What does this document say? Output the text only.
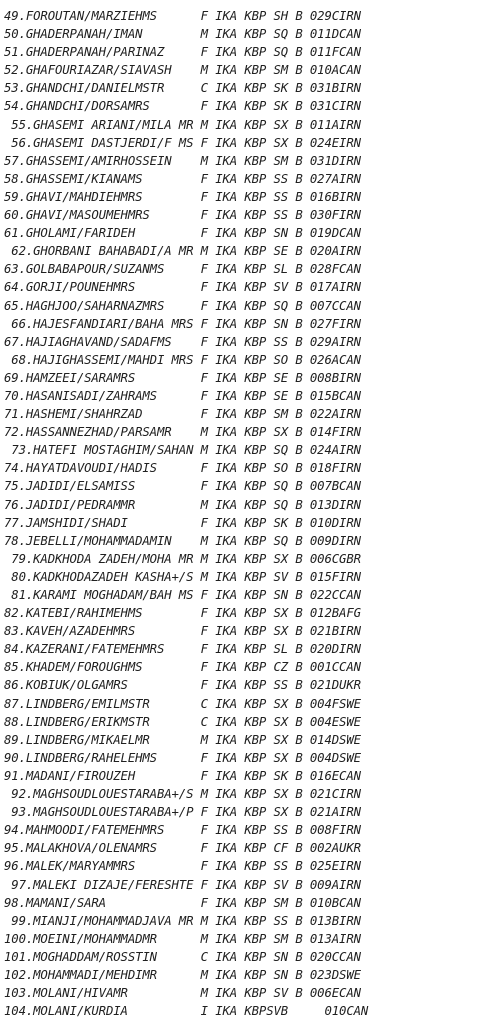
49.FOROUTAN/MARZIEHMS      F IKA KBP SH B 029CIRN
50.GHADERPANAH/IMAN        M IKA KBP SQ B 011DCAN
51.GHADERPANAH/PARINAZ     F IKA KBP SQ B 011FCAN
52.GHAFOURIAZAR/SIAVASH    M IKA KBP SM B 010ACAN
53.GHANDCHI/DANIELMSTR     C IKA KBP SK B 031BIRN
54.GHANDCHI/DORSAMRS       F IKA KBP SK B 031CIRN
55.GHASEMI ARIANI/MILA MR M IKA KBP SX B 011AIRN
56.GHASEMI DASTJERDI/F MS F IKA KBP SX B 024EIRN
57.GHASSEMI/AMIRHOSSEIN    M IKA KBP SM B 031DIRN
58.GHASSEMI/KIANAMS        F IKA KBP SS B 027AIRN
59.GHAVI/MAHDIEHMRS        F IKA KBP SS B 016BIRN
60.GHAVI/MASOUMEHMRS       F IKA KBP SS B 030FIRN
61.GHOLAMI/FARIDEH         F IKA KBP SN B 019DCAN
62.GHORBANI BAHABADI/A MR M IKA KBP SE B 020AIRN
63.GOLBABAPOUR/SUZANMS     F IKA KBP SL B 028FCAN
64.GORJI/POUNEHMRS         F IKA KBP SV B 017AIRN
65.HAGHJOO/SAHARNAZMRS     F IKA KBP SQ B 007CCAN
66.HAJESFANDIARI/BAHA MRS F IKA KBP SN B 027FIRN
67.HAJIAGHAVAND/SADAFMS    F IKA KBP SS B 029AIRN
68.HAJIGHASSEMI/MAHDI MRS F IKA KBP SO B 026ACAN
69.HAMZEEI/SARAMRS         F IKA KBP SE B 008BIRN
70.HASANISADI/ZAHRAMS      F IKA KBP SE B 015BCAN
71.HASHEMI/SHAHRZAD        F IKA KBP SM B 022AIRN
72.HASSANNEZHAD/PARSAMR    M IKA KBP SX B 014FIRN
73.HATEFI MOSTAGHIM/SAHAN M IKA KBP SQ B 024AIRN
74.HAYATDAVOUDI/HADIS      F IKA KBP SO B 018FIRN
75.JADIDI/ELSAMISS         F IKA KBP SQ B 007BCAN
76.JADIDI/PEDRAMMR         M IKA KBP SQ B 013DIRN
77.JAMSHIDI/SHADI          F IKA KBP SK B 010DIRN
78.JEBELLI/MOHAMMADAMIN    M IKA KBP SQ B 009DIRN
79.KADKHODA ZADEH/MOHA MR M IKA KBP SX B 006CGBR
80.KADKHODAZADEH KASHA+/S M IKA KBP SV B 015FIRN
81.KARAMI MOGHADAM/BAH MS F IKA KBP SN B 022CCAN
82.KATEBI/RAHIMEHMS        F IKA KBP SX B 012BAFG
83.KAVEH/AZADEHMRS         F IKA KBP SX B 021BIRN
84.KAZERANI/FATEMEHMRS     F IKA KBP SL B 020DIRN
85.KHADEM/FOROUGHMS        F IKA KBP CZ B 001CCAN
86.KOBIUK/OLGAMRS          F IKA KBP SS B 021DUKR
87.LINDBERG/EMILMSTR       C IKA KBP SX B 004FSWE
88.LINDBERG/ERIKMSTR       C IKA KBP SX B 004ESWE
89.LINDBERG/MIKAELMR       M IKA KBP SX B 014DSWE
90.LINDBERG/RAHELEHMS      F IKA KBP SX B 004DSWE
91.MADANI/FIROUZEH         F IKA KBP SK B 016ECAN
92.MAGHSOUDLOUESTARABA+/S M IKA KBP SX B 021CIRN
93.MAGHSOUDLOUESTARABA+/P F IKA KBP SX B 021AIRN
94.MAHMOODI/FATEMEHMRS     F IKA KBP SS B 008FIRN
95.MALAKHOVA/OLENAMRS      F IKA KBP CF B 002AUKR
96.MALEK/MARYAMMRS         F IKA KBP SS B 025EIRN
97.MALEKI DIZAJE/FERESHTE F IKA KBP SV B 009AIRN
98.MAMANI/SARA             F IKA KBP SM B 010BCAN
99.MIANJI/MOHAMMADJAVA MR M IKA KBP SS B 013BIRN
100.MOEINI/MOHAMMADMR      M IKA KBP SM B 013AIRN
101.MOGHADDAM/ROSSTIN      C IKA KBP SN B 020CCAN
102.MOHAMMADI/MEHDIMR      M IKA KBP SN B 023DSWE
103.MOLANI/HIVAMR          M IKA KBP SV B 006ECAN
104.MOLANI/KURDIA          I IKA KBPSVB     010CAN
